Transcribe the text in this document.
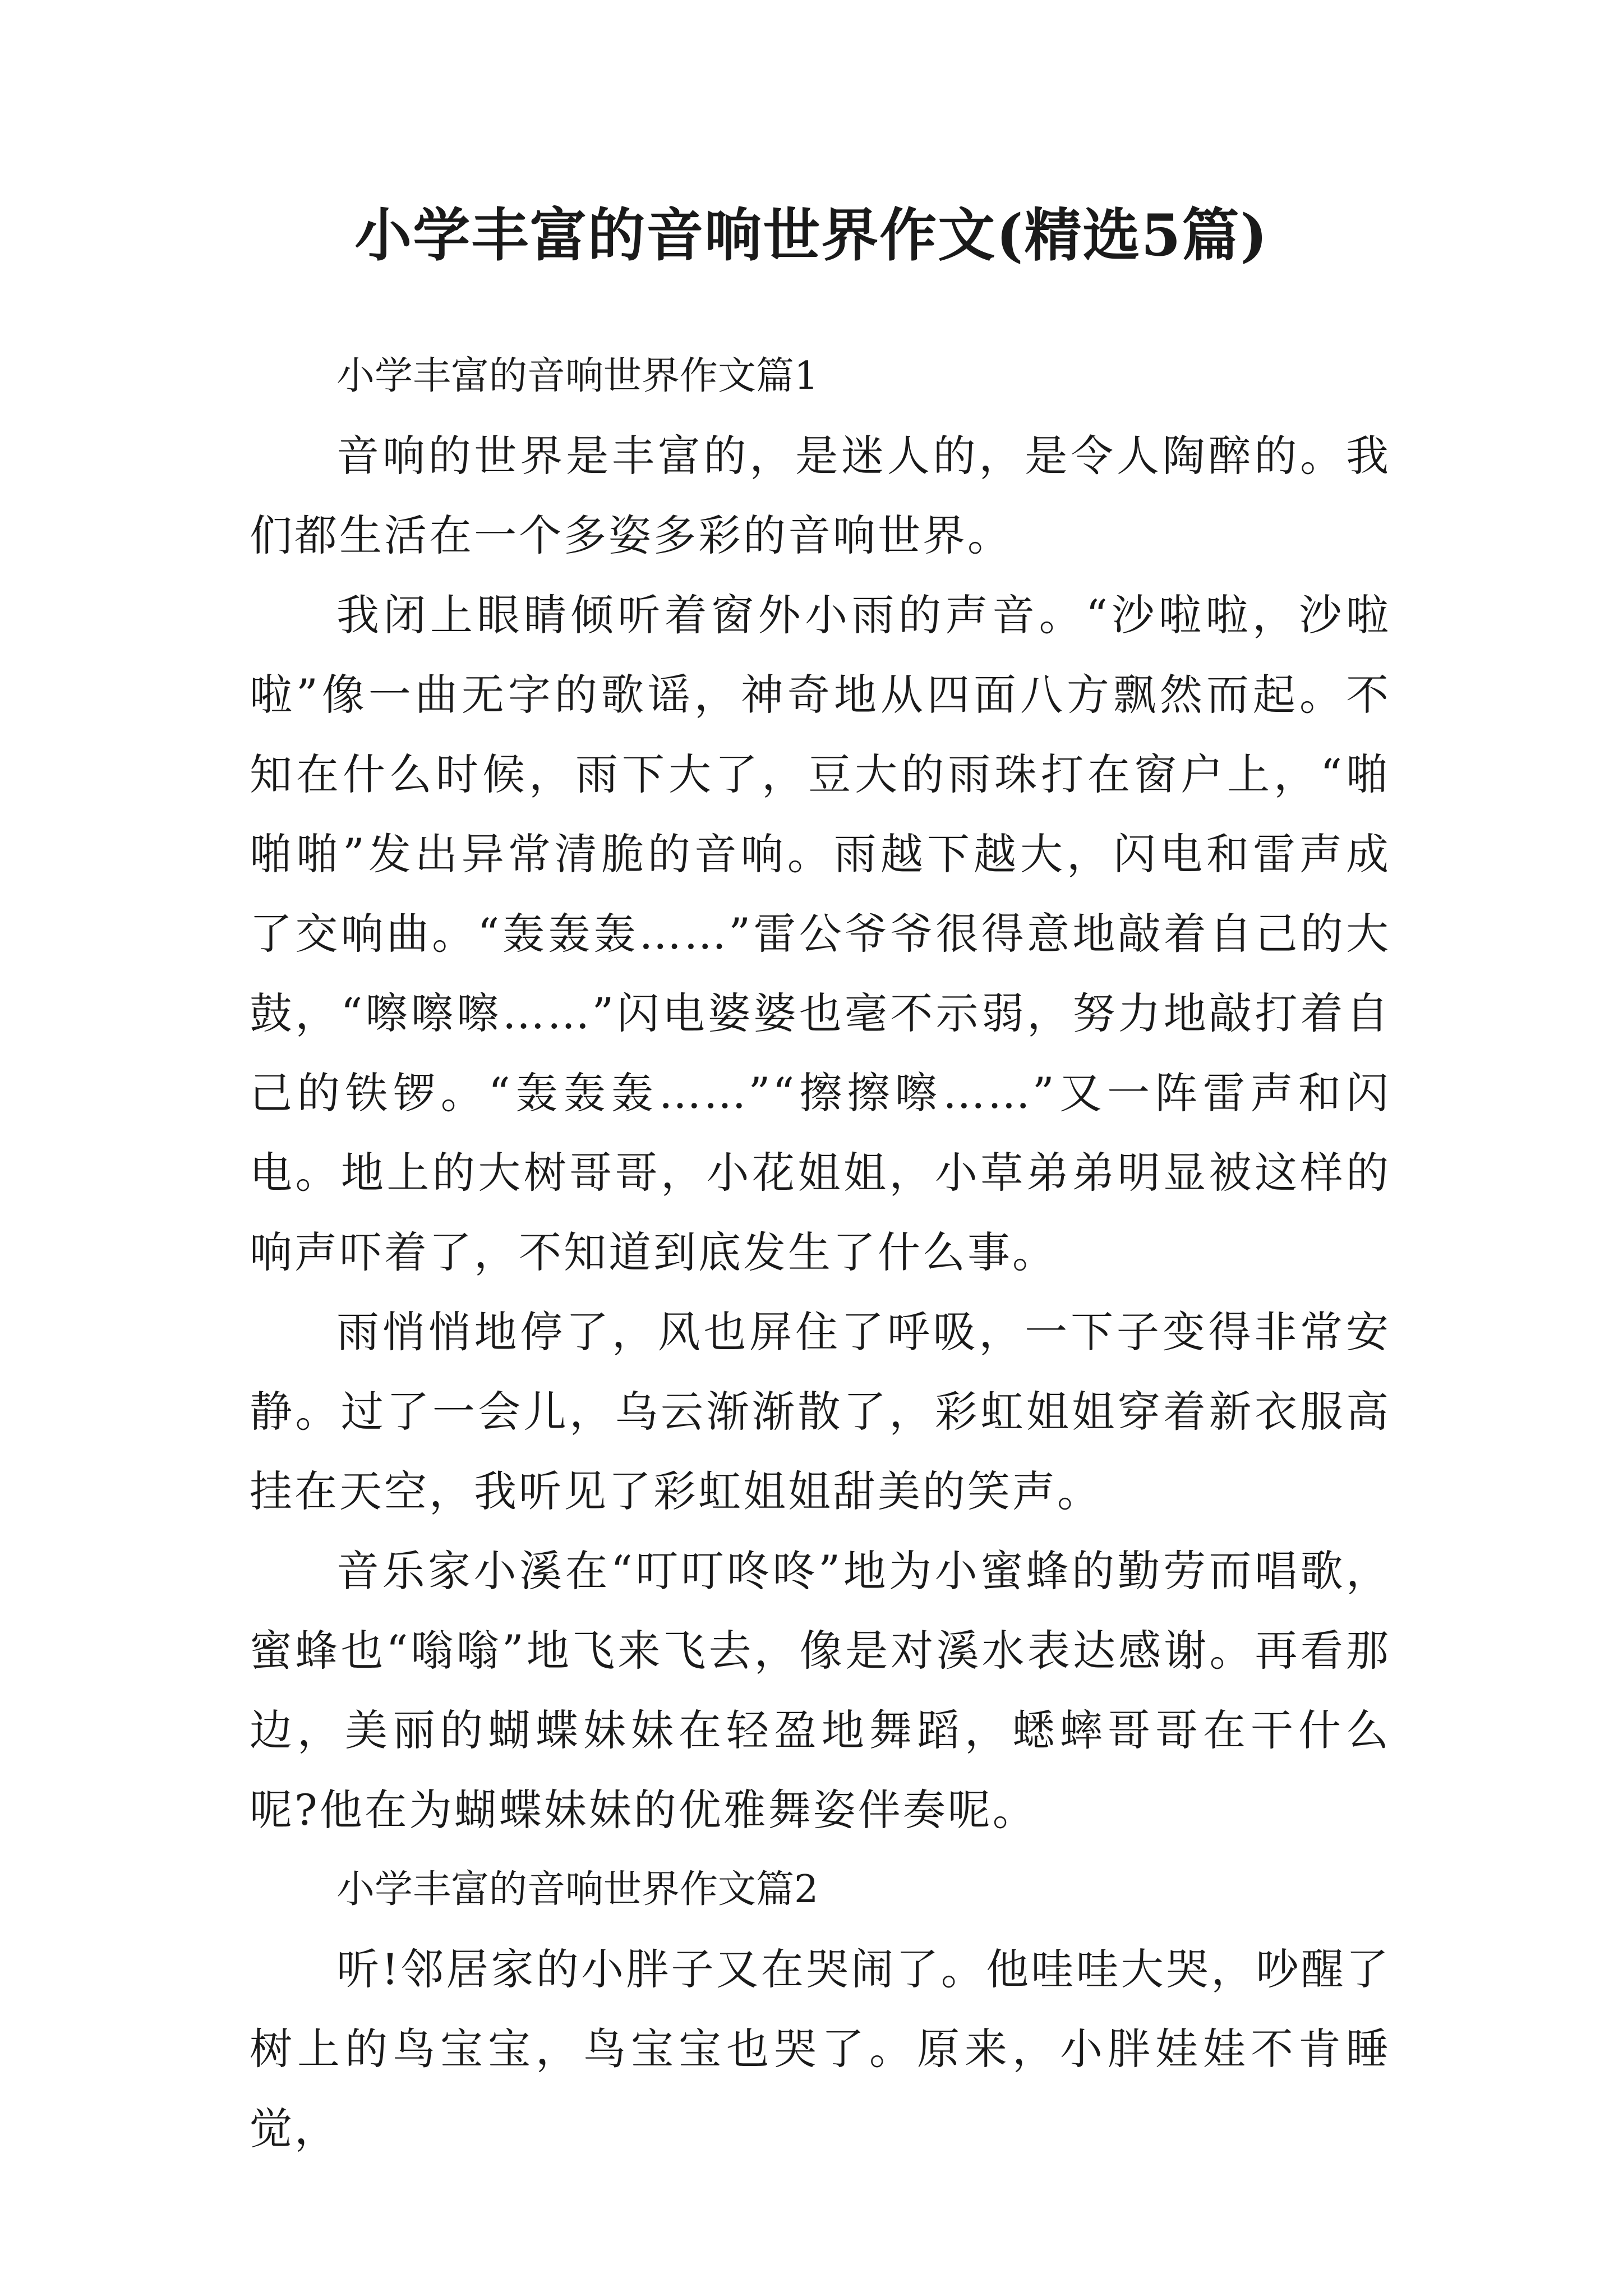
小学丰富的音响世界作文(精选5篇)

小学丰富的音响世界作文篇1

音响的世界是丰富的，是迷人的，是令人陶醉的。我们都生活在一个多姿多彩的音响世界。

我闭上眼睛倾听着窗外小雨的声音。“沙啦啦，沙啦啦”像一曲无字的歌谣，神奇地从四面八方飘然而起。不知在什么时候，雨下大了，豆大的雨珠打在窗户上，“啪啪啪”发出异常清脆的音响。雨越下越大，闪电和雷声成了交响曲。“轰轰轰……”雷公爷爷很得意地敲着自己的大鼓，“嚓嚓嚓……”闪电婆婆也毫不示弱，努力地敲打着自己的铁锣。“轰轰轰……”“擦擦嚓……”又一阵雷声和闪电。地上的大树哥哥，小花姐姐，小草弟弟明显被这样的响声吓着了，不知道到底发生了什么事。

雨悄悄地停了，风也屏住了呼吸，一下子变得非常安静。过了一会儿，乌云渐渐散了，彩虹姐姐穿着新衣服高挂在天空，我听见了彩虹姐姐甜美的笑声。

音乐家小溪在“叮叮咚咚”地为小蜜蜂的勤劳而唱歌，蜜蜂也“嗡嗡”地飞来飞去，像是对溪水表达感谢。再看那边，美丽的蝴蝶妹妹在轻盈地舞蹈，蟋蟀哥哥在干什么呢?他在为蝴蝶妹妹的优雅舞姿伴奏呢。

小学丰富的音响世界作文篇2

听!邻居家的小胖子又在哭闹了。他哇哇大哭，吵醒了树上的鸟宝宝，鸟宝宝也哭了。原来，小胖娃娃不肯睡觉，
